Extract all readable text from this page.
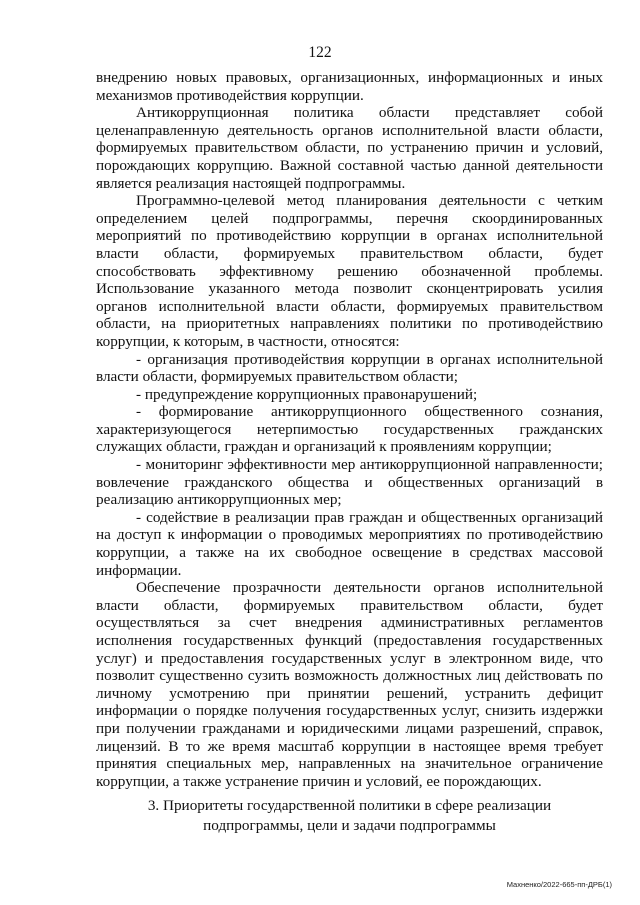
122
внедрению новых правовых, организационных, информационных и иных
механизмов противодействия коррупции.
Антикоррупционная политика области представляет собой
целенаправленную деятельность органов исполнительной власти области,
формируемых правительством области, по устранению причин и условий,
порождающих коррупцию. Важной составной частью данной деятельности
является реализация настоящей подпрограммы.
Программно-целевой метод планирования деятельности с четким
определением целей подпрограммы, перечня скоординированных
мероприятий по противодействию коррупции в органах исполнительной
власти области, формируемых правительством области, будет
способствовать эффективному решению обозначенной проблемы.
Использование указанного метода позволит сконцентрировать усилия
органов исполнительной власти области, формируемых правительством
области, на приоритетных направлениях политики по противодействию
коррупции, к которым, в частности, относятся:
- организация противодействия коррупции в органах исполнительной
власти области, формируемых правительством области;
- предупреждение коррупционных правонарушений;
- формирование антикоррупционного общественного сознания,
характеризующегося нетерпимостью государственных гражданских
служащих области, граждан и организаций к проявлениям коррупции;
- мониторинг эффективности мер антикоррупционной направленности;
вовлечение гражданского общества и общественных организаций в
реализацию антикоррупционных мер;
- содействие в реализации прав граждан и общественных организаций
на доступ к информации о проводимых мероприятиях по противодействию
коррупции, а также на их свободное освещение в средствах массовой
информации.
Обеспечение прозрачности деятельности органов исполнительной
власти области, формируемых правительством области, будет
осуществляться за счет внедрения административных регламентов
исполнения государственных функций (предоставления государственных
услуг) и предоставления государственных услуг в электронном виде, что
позволит существенно сузить возможность должностных лиц действовать по
личному усмотрению при принятии решений, устранить дефицит
информации о порядке получения государственных услуг, снизить издержки
при получении гражданами и юридическими лицами разрешений, справок,
лицензий. В то же время масштаб коррупции в настоящее время требует
принятия специальных мер, направленных на значительное ограничение
коррупции, а также устранение причин и условий, ее порождающих.
3. Приоритеты государственной политики в сфере реализации
подпрограммы, цели и задачи подпрограммы
Махненко/2022-665-пп-ДРБ(1)
